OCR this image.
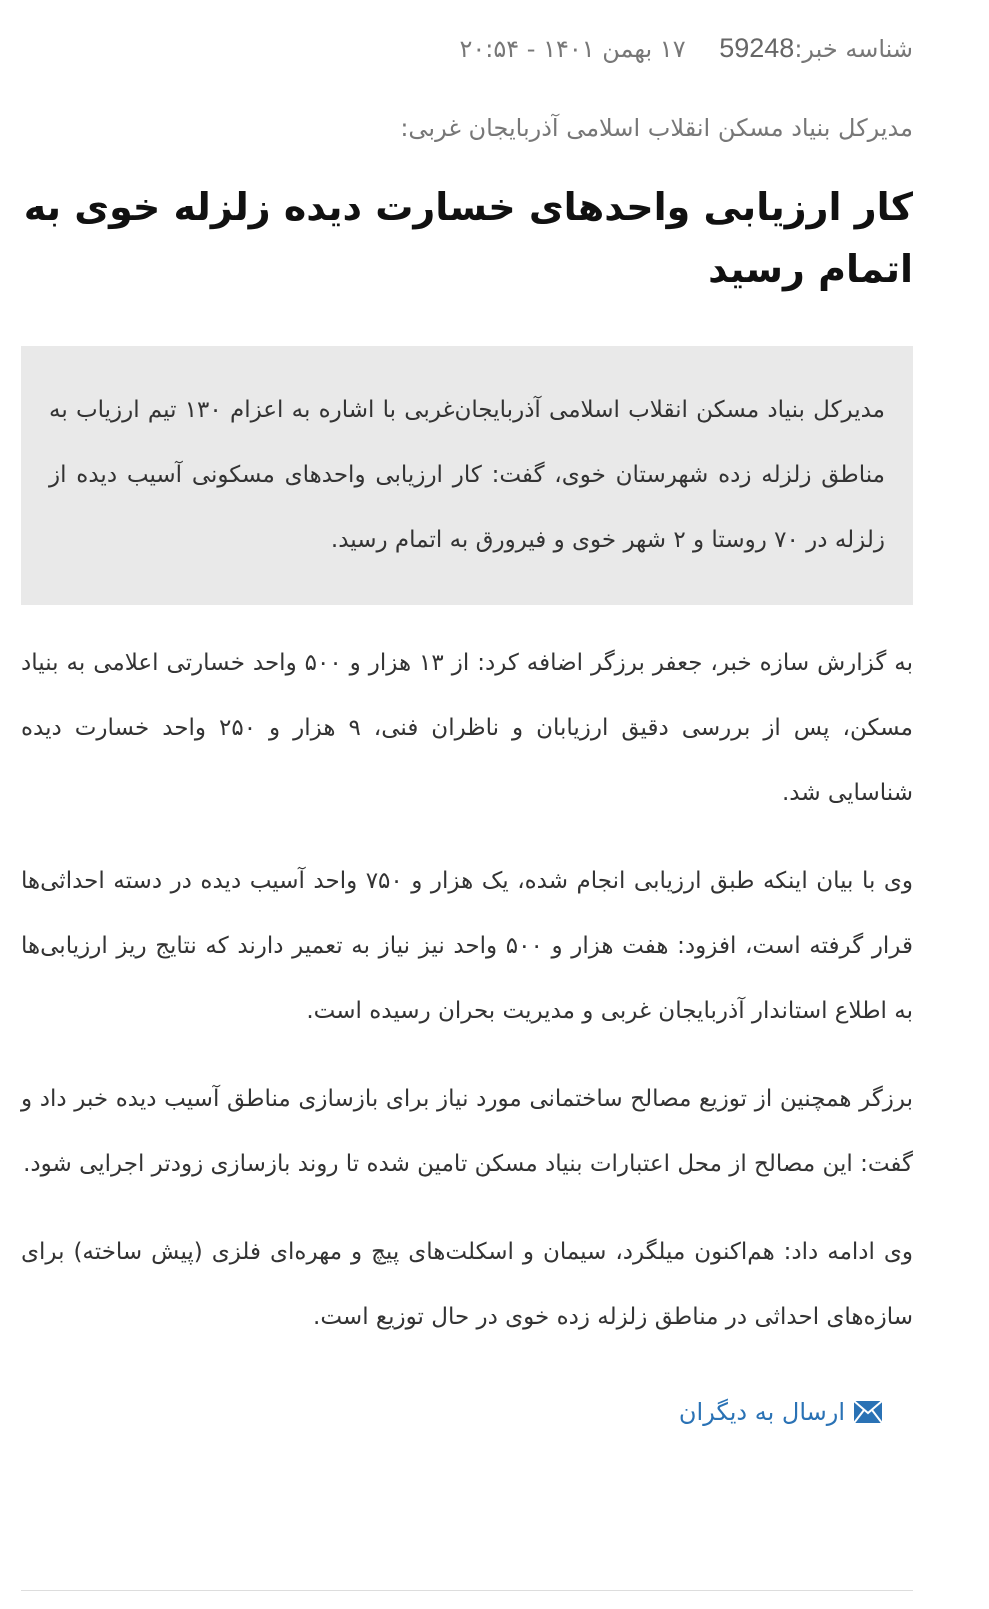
شناسه خبر:59248 ۱۷ بهمن ۱۴۰۱ - ۲۰:۵۴
مدیرکل بنیاد مسکن انقلاب اسلامی آذربایجان غربی:
کار ارزیابی واحدهای خسارت دیده زلزله خوی به اتمام رسید
مدیرکل بنیاد مسکن انقلاب اسلامی آذربایجان‌غربی با اشاره به اعزام ۱۳۰ تیم ارزیاب به مناطق زلزله زده شهرستان خوی، گفت: کار ارزیابی واحدهای مسکونی آسیب دیده از زلزله در ۷۰ روستا و ۲ شهر خوی و فیرورق به اتمام رسید.

به گزارش سازه خبر، جعفر برزگر اضافه کرد: از ۱۳ هزار و ۵۰۰ واحد خسارتی اعلامی به بنیاد مسکن، پس از بررسی دقیق ارزیابان و ناظران فنی، ۹ هزار و ۲۵۰ واحد خسارت دیده شناسایی شد.

وی با بیان اینکه طبق ارزیابی انجام شده، یک هزار و ۷۵۰ واحد آسیب دیده در دسته احداثی‌ها قرار گرفته است، افزود: هفت هزار و ۵۰۰ واحد نیز نیاز به تعمیر دارند که نتایج ریز ارزیابی‌ها به اطلاع استاندار آذربایجان غربی و مدیریت بحران رسیده است.

برزگر همچنین از توزیع مصالح ساختمانی مورد نیاز برای بازسازی مناطق آسیب دیده خبر داد و گفت: این مصالح از محل اعتبارات بنیاد مسکن تامین شده تا روند بازسازی زودتر اجرایی شود.

وی ادامه داد: هم‌اکنون میلگرد، سیمان و اسکلت‌های پیچ و مهره‌ای فلزی (پیش ساخته) برای سازه‌های احداثی در مناطق زلزله زده خوی در حال توزیع است.

ارسال به دیگران
